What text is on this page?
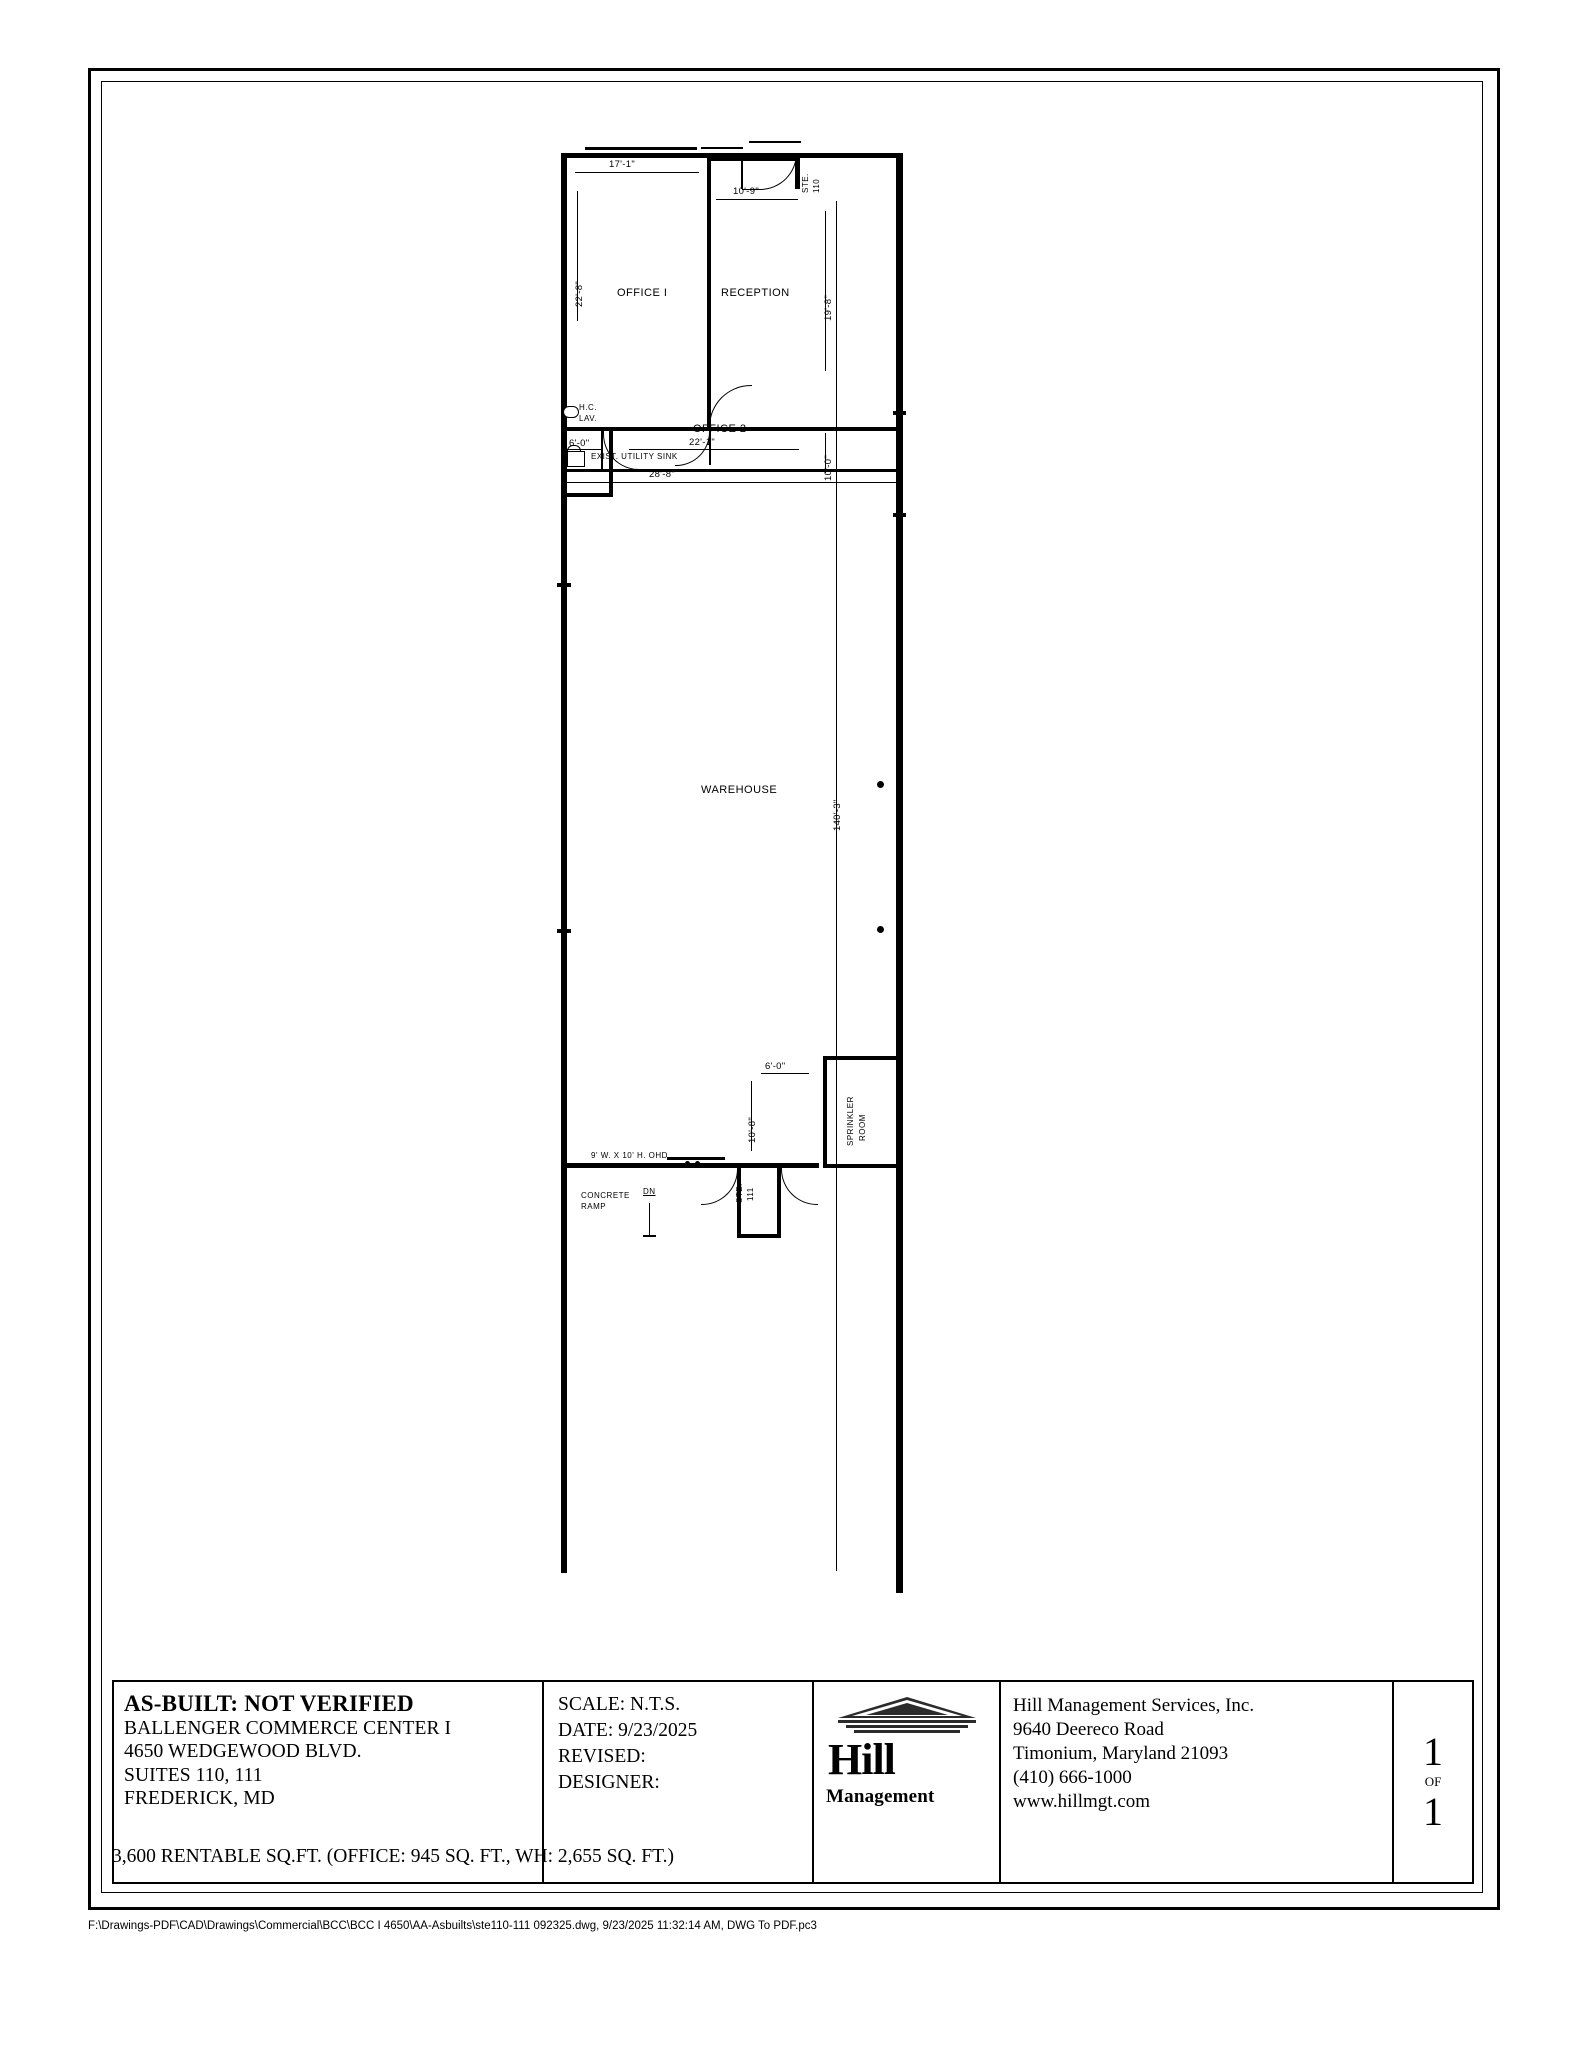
OFFICE I	RECEPTION
OFFICE 2
H.C.
LAV.
EXIST. UTILITY SINK
WAREHOUSE
SPRINKLER ROOM
9' W. X 10' H. OHD
STE. 111
CONCRETE
RAMP
DN
STE. 110
17'-1"
22'-8"
10'-9"
19'-8"
10'-0"
22'-1"
6'-0"
28'-8"
140'-3"
6'-0"
10'-8"
AS-BUILT: NOT VERIFIED
BALLENGER COMMERCE CENTER I
4650 WEDGEWOOD BLVD.
SUITES 110, 111
FREDERICK, MD
SCALE: N.T.S.
DATE: 9/23/2025
REVISED:
DESIGNER:	Hill
Management
Hill Management Services, Inc.
9640 Deereco Road
Timonium, Maryland 21093
(410) 666-1000
www.hillmgt.com
1
OF
1
3,600 RENTABLE SQ.FT. (OFFICE: 945 SQ. FT., WH: 2,655 SQ. FT.)
F:\Drawings-PDF\CAD\Drawings\Commercial\BCC\BCC I 4650\AA-Asbuilts\ste110-111 092325.dwg, 9/23/2025 11:32:14 AM, DWG To PDF.pc3
